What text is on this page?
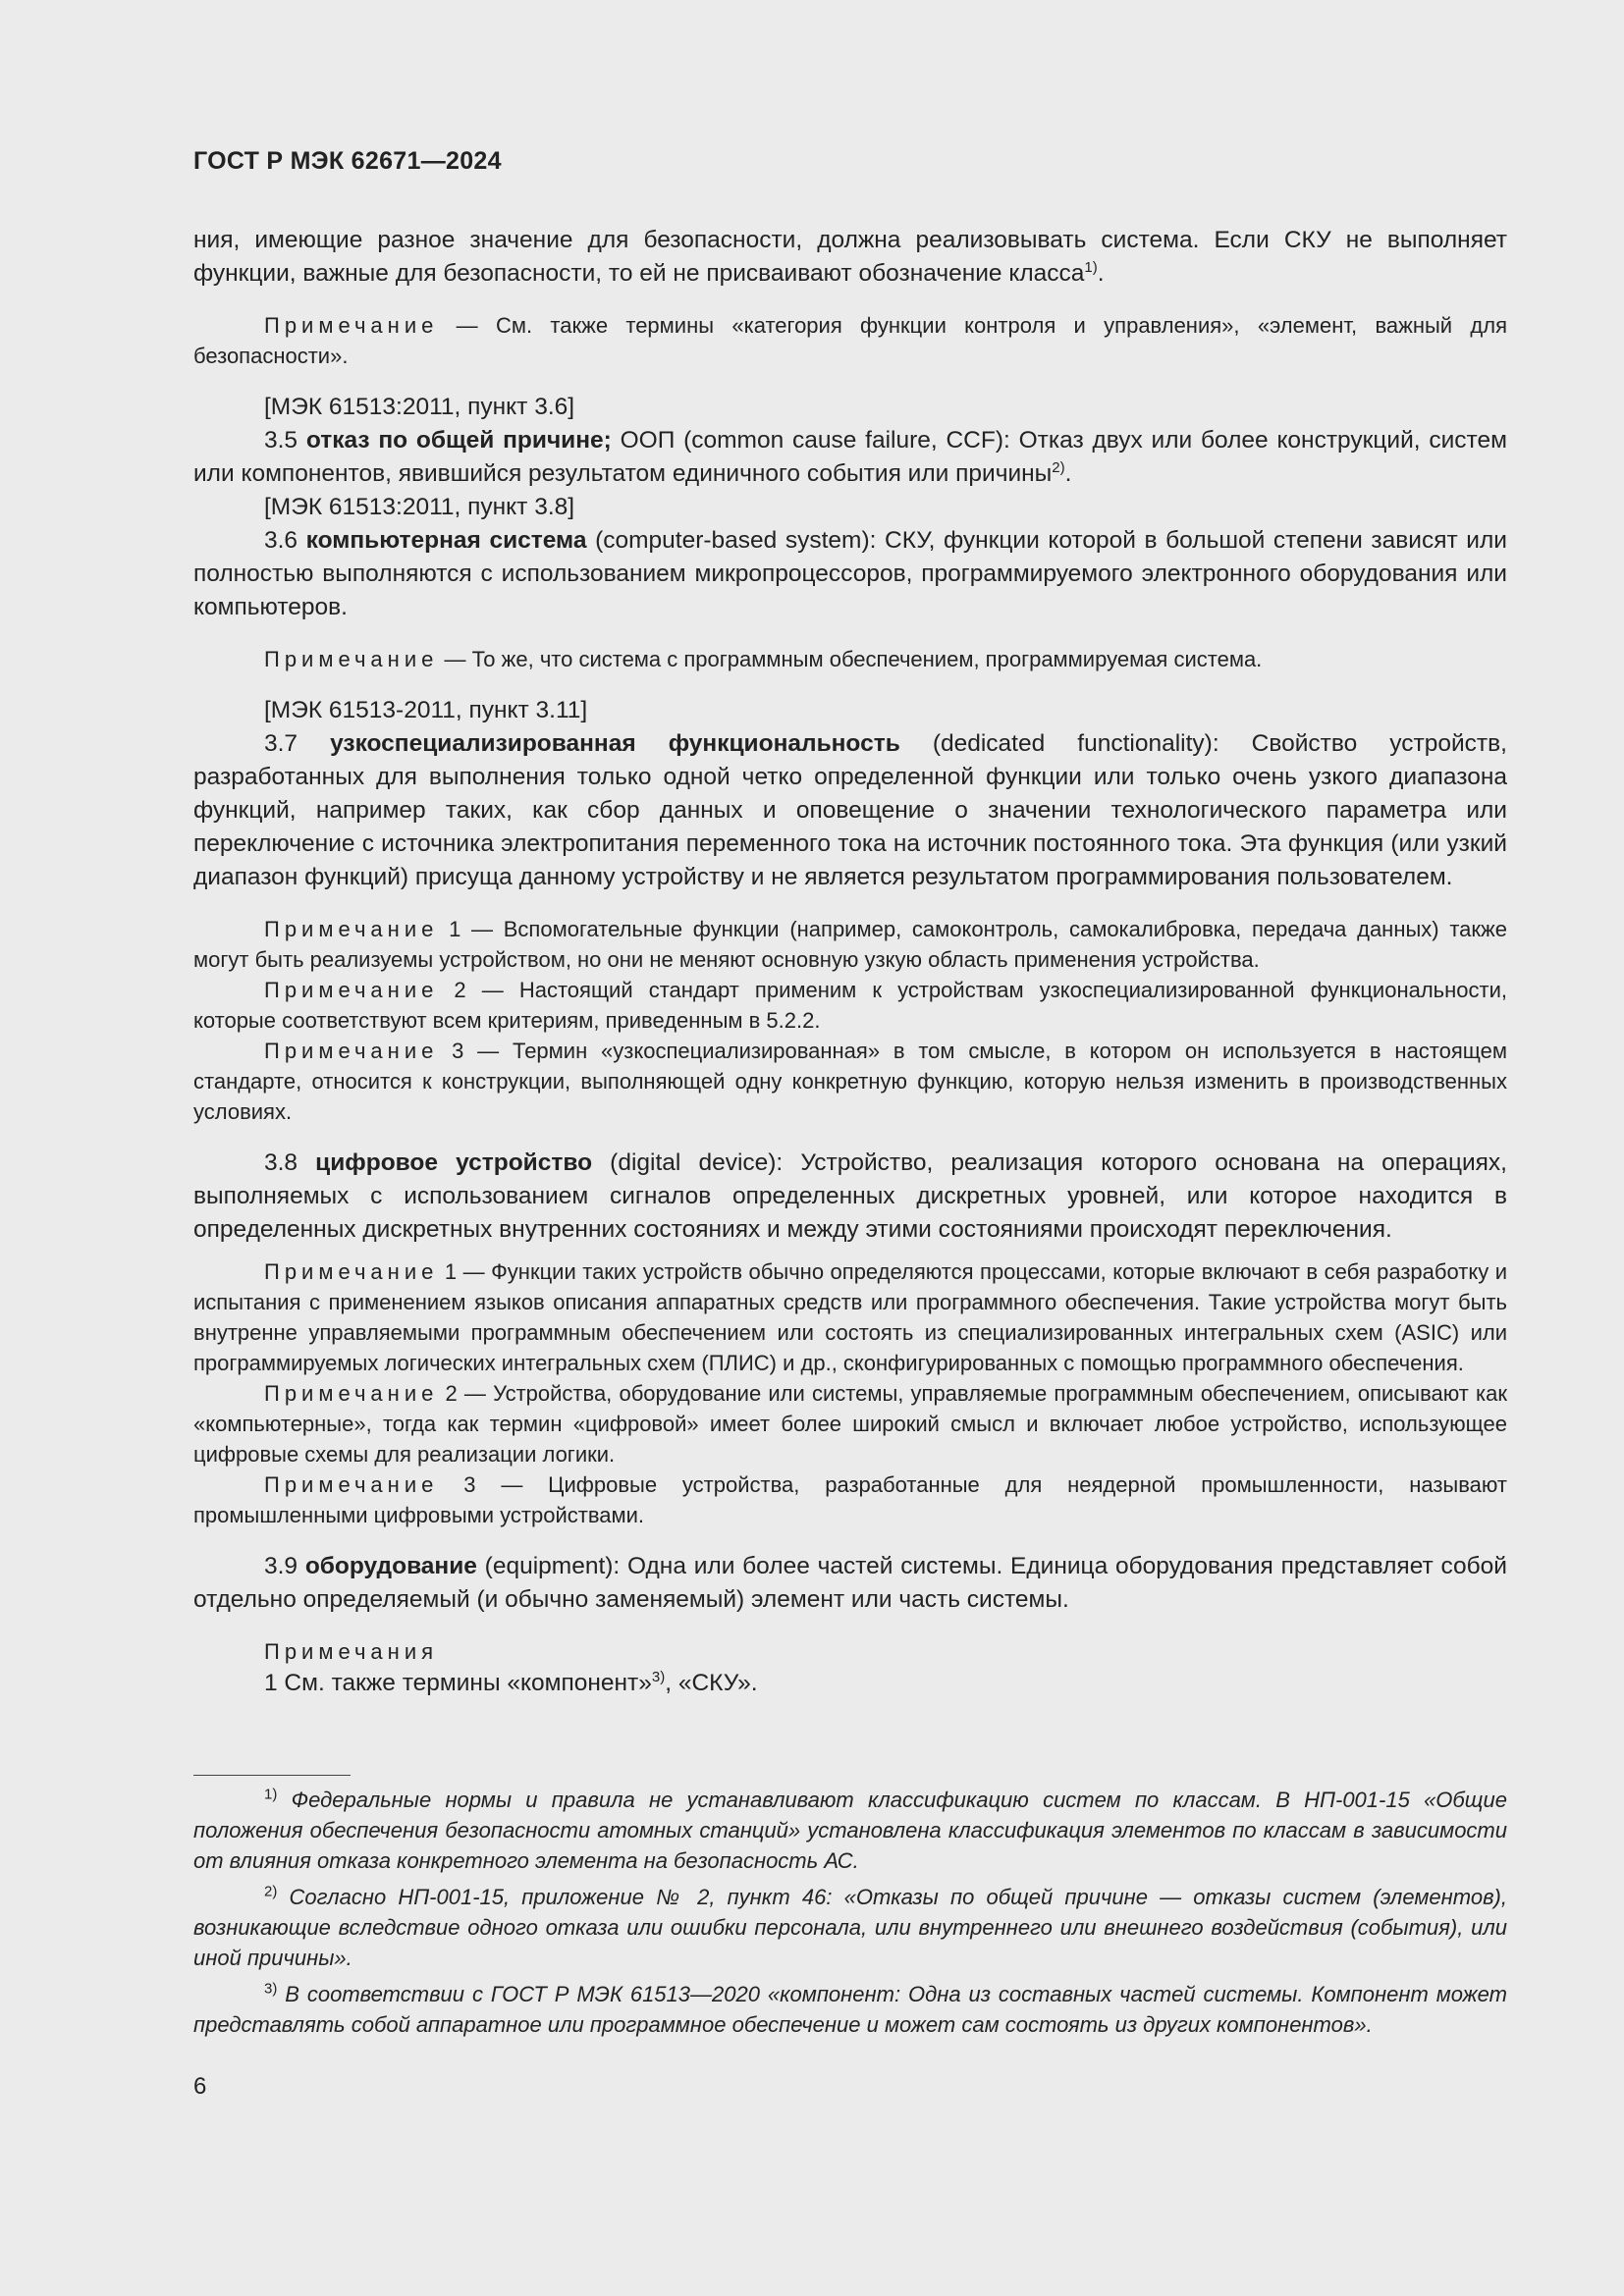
ГОСТ Р МЭК 62671—2024

ния, имеющие разное значение для безопасности, должна реализовывать система. Если СКУ не выполняет функции, важные для безопасности, то ей не присваивают обозначение класса$^{1)}$.

Примечание — См. также термины «категория функции контроля и управления», «элемент, важный для безопасности».

[МЭК 61513:2011, пункт 3.6]

3.5 отказ по общей причине; ООП (common cause failure, CCF): Отказ двух или более конструкций, систем или компонентов, явившийся результатом единичного события или причины$^{2)}$.

[МЭК 61513:2011, пункт 3.8]

3.6 компьютерная система (computer-based system): СКУ, функции которой в большой степени зависят или полностью выполняются с использованием микропроцессоров, программируемого электронного оборудования или компьютеров.

Примечание — То же, что система с программным обеспечением, программируемая система.

[МЭК 61513-2011, пункт 3.11]

3.7 узкоспециализированная функциональность (dedicated functionality): Свойство устройств, разработанных для выполнения только одной четко определенной функции или только очень узкого диапазона функций, например таких, как сбор данных и оповещение о значении технологического параметра или переключение с источника электропитания переменного тока на источник постоянного тока. Эта функция (или узкий диапазон функций) присуща данному устройству и не является результатом программирования пользователем.

Примечание 1 — Вспомогательные функции (например, самоконтроль, самокалибровка, передача данных) также могут быть реализуемы устройством, но они не меняют основную узкую область применения устройства.

Примечание 2 — Настоящий стандарт применим к устройствам узкоспециализированной функциональности, которые соответствуют всем критериям, приведенным в 5.2.2.

Примечание 3 — Термин «узкоспециализированная» в том смысле, в котором он используется в настоящем стандарте, относится к конструкции, выполняющей одну конкретную функцию, которую нельзя изменить в производственных условиях.

3.8 цифровое устройство (digital device): Устройство, реализация которого основана на операциях, выполняемых с использованием сигналов определенных дискретных уровней, или которое находится в определенных дискретных внутренних состояниях и между этими состояниями происходят переключения.

Примечание 1 — Функции таких устройств обычно определяются процессами, которые включают в себя разработку и испытания с применением языков описания аппаратных средств или программного обеспечения. Такие устройства могут быть внутренне управляемыми программным обеспечением или состоять из специализированных интегральных схем (ASIC) или программируемых логических интегральных схем (ПЛИС) и др., сконфигурированных с помощью программного обеспечения.

Примечание 2 — Устройства, оборудование или системы, управляемые программным обеспечением, описывают как «компьютерные», тогда как термин «цифровой» имеет более широкий смысл и включает любое устройство, использующее цифровые схемы для реализации логики.

Примечание 3 — Цифровые устройства, разработанные для неядерной промышленности, называют промышленными цифровыми устройствами.

3.9 оборудование (equipment): Одна или более частей системы. Единица оборудования представляет собой отдельно определяемый (и обычно заменяемый) элемент или часть системы.

Примечания

1 См. также термины «компонент»$^{3)}$, «СКУ».

$^{1)}$ Федеральные нормы и правила не устанавливают классификацию систем по классам. В НП-001-15 «Общие положения обеспечения безопасности атомных станций» установлена классификация элементов по классам в зависимости от влияния отказа конкретного элемента на безопасность АС.

$^{2)}$ Согласно НП-001-15, приложение № 2, пункт 46: «Отказы по общей причине — отказы систем (элементов), возникающие вследствие одного отказа или ошибки персонала, или внутреннего или внешнего воздействия (события), или иной причины».

$^{3)}$ В соответствии с ГОСТ Р МЭК 61513—2020 «компонент: Одна из составных частей системы. Компонент может представлять собой аппаратное или программное обеспечение и может сам состоять из других компонентов».

6
